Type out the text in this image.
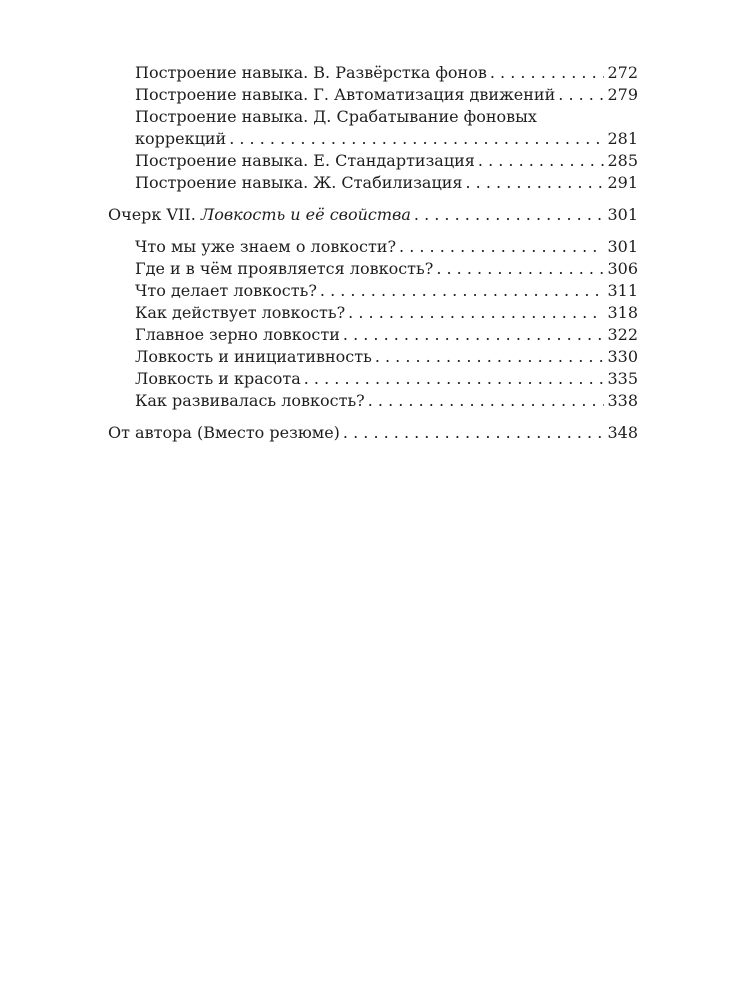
Построение навыка. В. Развёрстка фонов . . .	272
Построение навыка. Г. Автоматизация движений . . .	279
Построение навыка. Д. Срабатывание фоновых
коррекций . . .	281
Построение навыка. Е. Стандартизация . . .	285
Построение навыка. Ж. Стабилизация . . .	291
Очерк VII. Ловкость и её свойства . . .	301
Что мы уже знаем о ловкости? . . .	301
Где и в чём проявляется ловкость? . . .	306
Что делает ловкость? . . .	311
Как действует ловкость? . . .	318
Главное зерно ловкости . . .	322
Ловкость и инициативность . . .	330
Ловкость и красота . . .	335
Как развивалась ловкость? . . .	338
От автора (Вместо резюме) . . .	348
